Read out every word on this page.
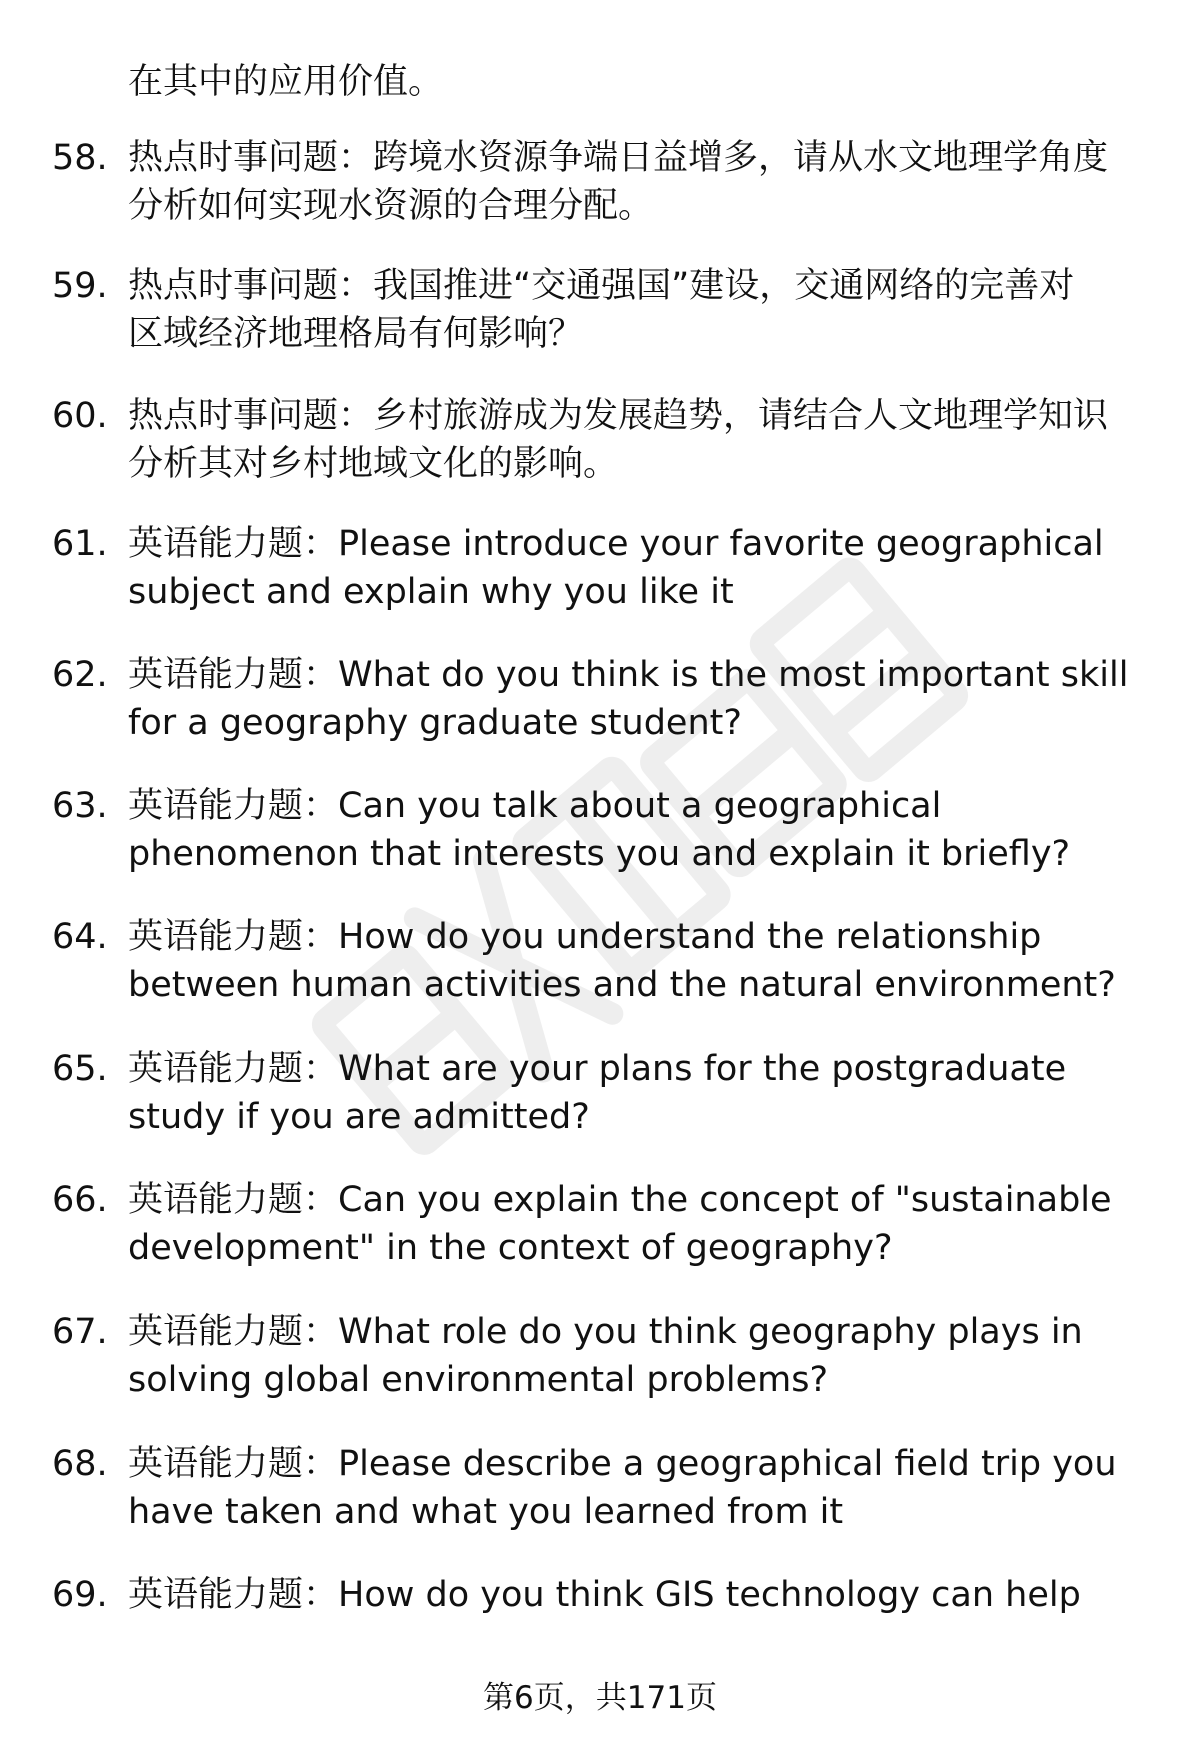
在其中的应用价值。
58. 热点时事问题：跨境水资源争端日益增多，请从水文地理学角度
分析如何实现水资源的合理分配。
59. 热点时事问题：我国推进“交通强国”建设，交通网络的完善对
区域经济地理格局有何影响？
60. 热点时事问题：乡村旅游成为发展趋势，请结合人文地理学知识
分析其对乡村地域文化的影响。
61. 英语能力题：Please introduce your favorite geographical
subject and explain why you like it
62. 英语能力题：What do you think is the most important skill
for a geography graduate student?
63. 英语能力题：Can you talk about a geographical
phenomenon that interests you and explain it briefly?
64. 英语能力题：How do you understand the relationship
between human activities and the natural environment?
65. 英语能力题：What are your plans for the postgraduate
study if you are admitted?
66. 英语能力题：Can you explain the concept of "sustainable
development" in the context of geography?
67. 英语能力题：What role do you think geography plays in
solving global environmental problems?
68. 英语能力题：Please describe a geographical field trip you
have taken and what you learned from it
69. 英语能力题：How do you think GIS technology can help
第6页，共171页
